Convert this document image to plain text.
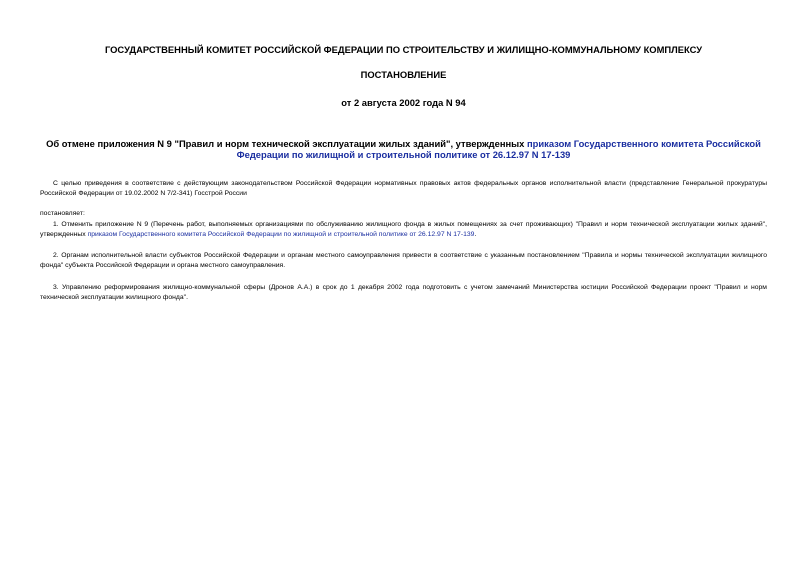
ГОСУДАРСТВЕННЫЙ КОМИТЕТ РОССИЙСКОЙ ФЕДЕРАЦИИ ПО СТРОИТЕЛЬСТВУ И ЖИЛИЩНО-КОММУНАЛЬНОМУ КОМПЛЕКСУ
ПОСТАНОВЛЕНИЕ
от 2 августа 2002 года N 94
Об отмене приложения N 9 "Правил и норм технической эксплуатации жилых зданий", утвержденных приказом Государственного комитета Российской Федерации по жилищной и строительной политике от 26.12.97 N 17-139
С целью приведения в соответствие с действующим законодательством Российской Федерации нормативных правовых актов федеральных органов исполнительной власти (представление Генеральной прокуратуры Российской Федерации от 19.02.2002 N 7/2-341) Госстрой России
постановляет:
1. Отменить приложение N 9 (Перечень работ, выполняемых организациями по обслуживанию жилищного фонда в жилых помещениях за счет проживающих) "Правил и норм технической эксплуатации жилых зданий", утвержденных приказом Государственного комитета Российской Федерации по жилищной и строительной политике от 26.12.97 N 17-139.
2. Органам исполнительной власти субъектов Российской Федерации и органам местного самоуправления привести в соответствие с указанным постановлением "Правила и нормы технической эксплуатации жилищного фонда" субъекта Российской Федерации и органа местного самоуправления.
3. Управлению реформирования жилищно-коммунальной сферы (Дронов А.А.) в срок до 1 декабря 2002 года подготовить с учетом замечаний Министерства юстиции Российской Федерации проект "Правил и норм технической эксплуатации жилищного фонда".
